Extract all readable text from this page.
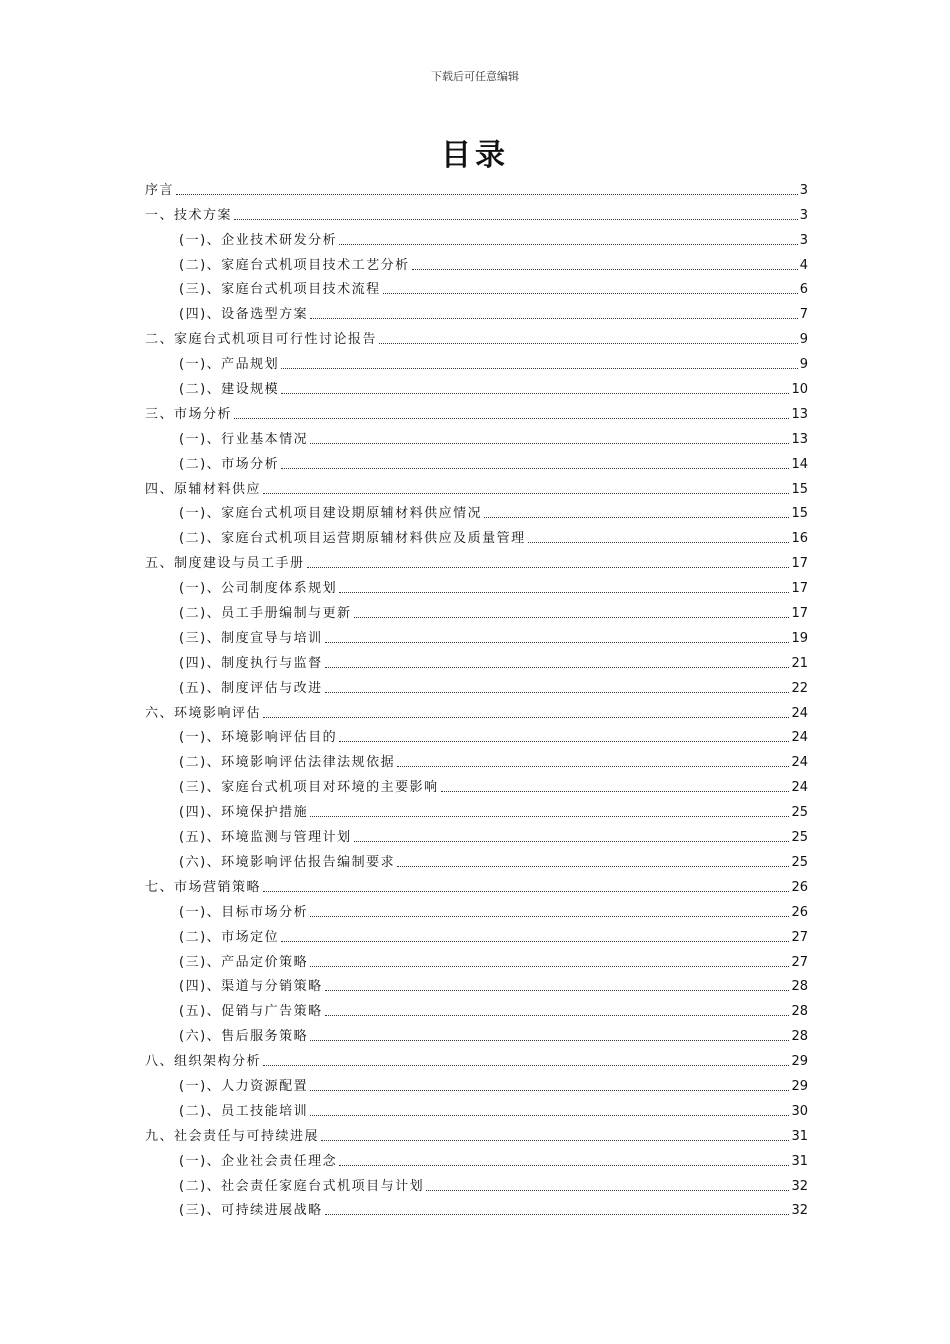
下载后可任意编辑
目录
序言	3
一、技术方案	3
(一)、企业技术研发分析	3
(二)、家庭台式机项目技术工艺分析	4
(三)、家庭台式机项目技术流程	6
(四)、设备选型方案	7
二、家庭台式机项目可行性讨论报告	9
(一)、产品规划	9
(二)、建设规模	10
三、市场分析	13
(一)、行业基本情况	13
(二)、市场分析	14
四、原辅材料供应	15
(一)、家庭台式机项目建设期原辅材料供应情况	15
(二)、家庭台式机项目运营期原辅材料供应及质量管理	16
五、制度建设与员工手册	17
(一)、公司制度体系规划	17
(二)、员工手册编制与更新	17
(三)、制度宣导与培训	19
(四)、制度执行与监督	21
(五)、制度评估与改进	22
六、环境影响评估	24
(一)、环境影响评估目的	24
(二)、环境影响评估法律法规依据	24
(三)、家庭台式机项目对环境的主要影响	24
(四)、环境保护措施	25
(五)、环境监测与管理计划	25
(六)、环境影响评估报告编制要求	25
七、市场营销策略	26
(一)、目标市场分析	26
(二)、市场定位	27
(三)、产品定价策略	27
(四)、渠道与分销策略	28
(五)、促销与广告策略	28
(六)、售后服务策略	28
八、组织架构分析	29
(一)、人力资源配置	29
(二)、员工技能培训	30
九、社会责任与可持续进展	31
(一)、企业社会责任理念	31
(二)、社会责任家庭台式机项目与计划	32
(三)、可持续进展战略	32
